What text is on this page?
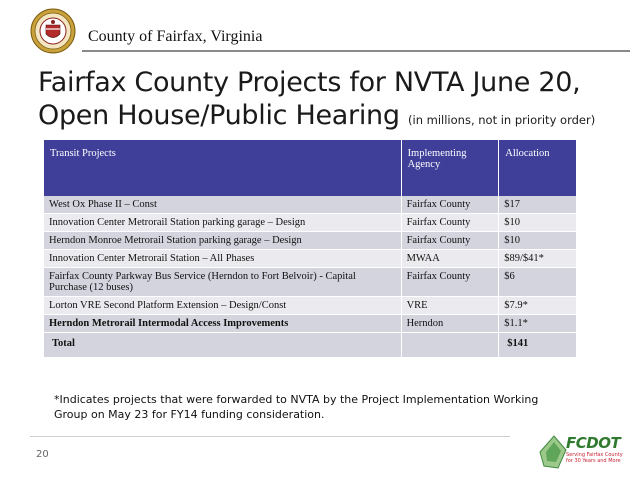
County of Fairfax, Virginia
Fairfax County Projects for NVTA June 20,
Open House/Public Hearing (in millions, not in priority order)
Transit Projects	Implementing Agency	Allocation
West Ox Phase II – Const	Fairfax County	$17
Innovation Center Metrorail Station parking garage – Design	Fairfax County	$10
Herndon Monroe Metrorail Station parking garage – Design	Fairfax County	$10
Innovation Center Metrorail Station – All Phases	MWAA	$89/$41*
Fairfax County Parkway Bus Service (Herndon to Fort Belvoir) - Capital Purchase (12 buses)	Fairfax County	$6
Lorton VRE Second Platform Extension – Design/Const	VRE	$7.9*
Herndon Metrorail Intermodal Access Improvements	Herndon	$1.1*
Total		$141
*Indicates projects that were forwarded to NVTA by the Project Implementation Working Group on May 23 for FY14 funding consideration.
20
FCDOT
Serving Fairfax County for 30 Years and More
